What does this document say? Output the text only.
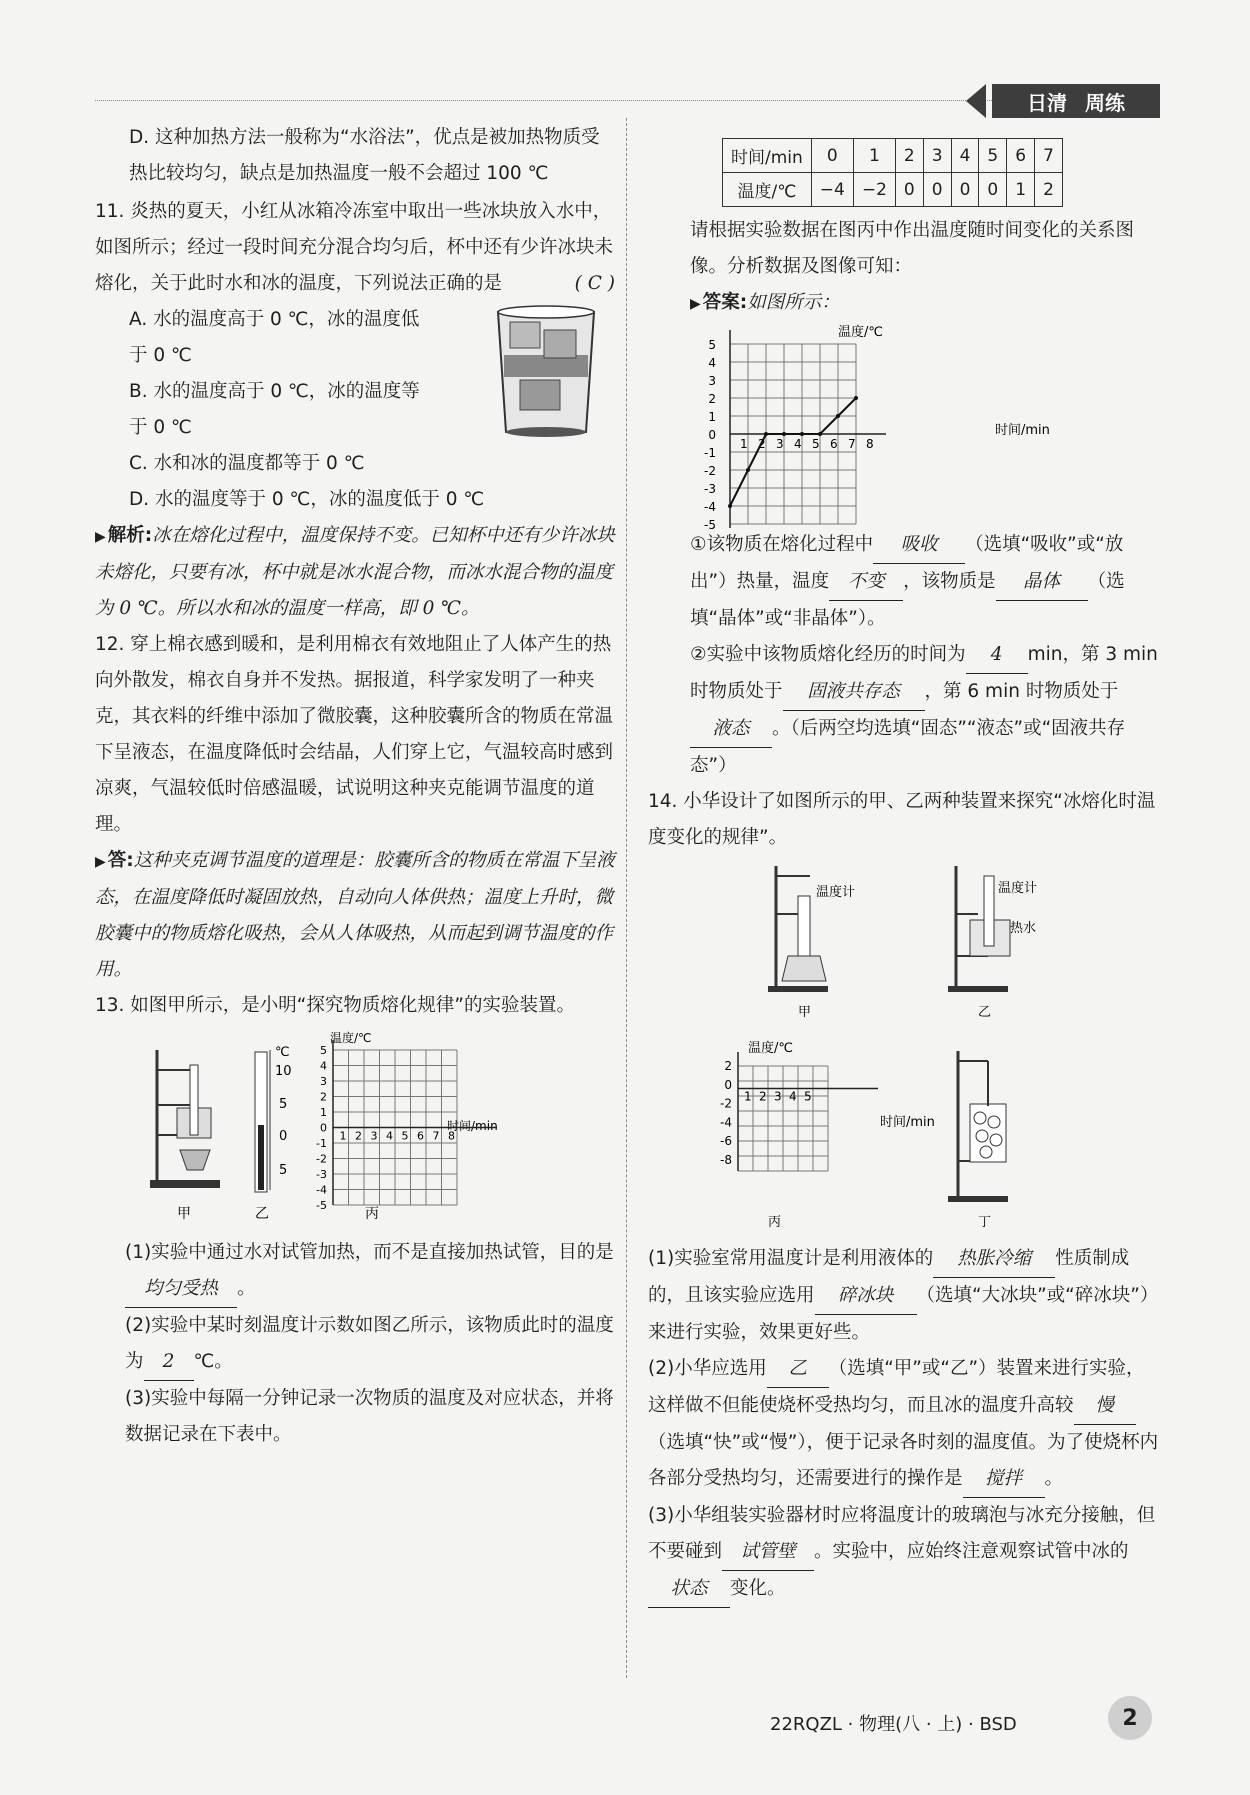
日清 周练

D. 这种加热方法一般称为“水浴法”，优点是被加热物质受热比较均匀，缺点是加热温度一般不会超过 100 ℃

11. 炎热的夏天，小红从冰箱冷冻室中取出一些冰块放入水中，如图所示；经过一段时间充分混合均匀后，杯中还有少许冰块未熔化，关于此时水和冰的温度，下列说法正确的是	( C )

A. 水的温度高于 0 ℃，冰的温度低于 0 ℃

B. 水的温度高于 0 ℃，冰的温度等于 0 ℃

C. 水和冰的温度都等于 0 ℃

D. 水的温度等于 0 ℃，冰的温度低于 0 ℃

▶ 解析:冰在熔化过程中，温度保持不变。已知杯中还有少许冰块未熔化，只要有冰，杯中就是冰水混合物，而冰水混合物的温度为 0 ℃。所以水和冰的温度一样高，即 0 ℃。

12. 穿上棉衣感到暖和，是利用棉衣有效地阻止了人体产生的热向外散发，棉衣自身并不发热。据报道，科学家发明了一种夹克，其衣料的纤维中添加了微胶囊，这种胶囊所含的物质在常温下呈液态，在温度降低时会结晶，人们穿上它，气温较高时感到凉爽，气温较低时倍感温暖，试说明这种夹克能调节温度的道理。

▶ 答:这种夹克调节温度的道理是：胶囊所含的物质在常温下呈液态，在温度降低时凝固放热，自动向人体供热；温度上升时，微胶囊中的物质熔化吸热，会从人体吸热，从而起到调节温度的作用。

13. 如图甲所示，是小明“探究物质熔化规律”的实验装置。

甲
℃
10
5
0
5
乙
温度/℃
时间/min
丙
5
4
3
2
1
0
-1
-2
-3
-4
-5
1 2 3 4 5 6 7 8

(1)实验中通过水对试管加热，而不是直接加热试管，目的是均匀受热 。

(2)实验中某时刻温度计示数如图乙所示，该物质此时的温度为 2 ℃。

(3)实验中每隔一分钟记录一次物质的温度及对应状态，并将数据记录在下表中。

时间/min	0	1	2	3	4	5	6	7
温度/℃	−4	−2	0	0	0	0	1	2

请根据实验数据在图丙中作出温度随时间变化的关系图像。分析数据及图像可知：

▶ 答案:如图所示：

温度/℃
时间/min
5
4
3
2
1
0
-1
-2
-3
-4
-5
1 2 3 4 5 6 7 8

①该物质在熔化过程中 吸收 （选填“吸收”或“放出”）热量，温度 不变 ，该物质是 晶体 （选填“晶体”或“非晶体”）。

②实验中该物质熔化经历的时间为 4 min，第 3 min 时物质处于 固液共存态 ，第 6 min 时物质处于液态 。（后两空均选填“固态”“液态”或“固液共存态”）

14. 小华设计了如图所示的甲、乙两种装置来探究“冰熔化时温度变化的规律”。

温度计
甲
温度计
热水
乙
温度/℃
时间/min
丙
2
0
-2
-4
-6
-8
1 2 3 4 5
丁

(1)实验室常用温度计是利用液体的 热胀冷缩 性质制成的，且该实验应选用 碎冰块 （选填“大冰块”或“碎冰块”）来进行实验，效果更好些。

(2)小华应选用 乙 （选填“甲”或“乙”）装置来进行实验，这样做不但能使烧杯受热均匀，而且冰的温度升高较 慢（选填“快”或“慢”），便于记录各时刻的温度值。为了使烧杯内各部分受热均匀，还需要进行的操作是 搅拌 。

(3)小华组装实验器材时应将温度计的玻璃泡与冰充分接触，但不要碰到 试管壁 。实验中，应始终注意观察试管中冰的状态 变化。

22RQZL · 物理(八 · 上) · BSD	2
